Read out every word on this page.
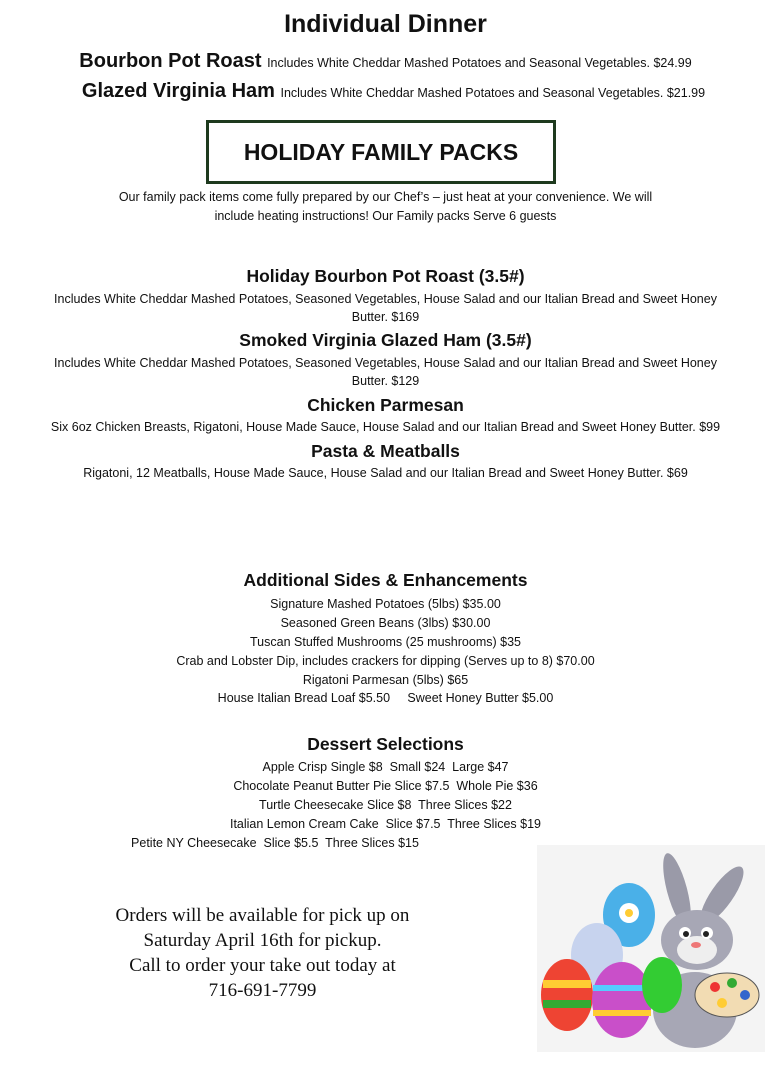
Individual Dinner
Bourbon Pot Roast Includes White Cheddar Mashed Potatoes and Seasonal Vegetables. $24.99
Glazed Virginia Ham Includes White Cheddar Mashed Potatoes and Seasonal Vegetables. $21.99
HOLIDAY FAMILY PACKS
Our family pack items come fully prepared by our Chef’s – just heat at your convenience. We will
include heating instructions! Our Family packs Serve 6 guests
Holiday Bourbon Pot Roast (3.5#)
Includes White Cheddar Mashed Potatoes, Seasoned Vegetables, House Salad and our Italian Bread and Sweet Honey
Butter. $169
Smoked Virginia Glazed Ham (3.5#)
Includes White Cheddar Mashed Potatoes, Seasoned Vegetables, House Salad and our Italian Bread and Sweet Honey
Butter. $129
Chicken Parmesan
Six 6oz Chicken Breasts, Rigatoni, House Made Sauce, House Salad and our Italian Bread and Sweet Honey Butter. $99
Pasta & Meatballs
Rigatoni, 12 Meatballs, House Made Sauce, House Salad and our Italian Bread and Sweet Honey Butter. $69
Additional Sides & Enhancements
Signature Mashed Potatoes (5lbs) $35.00
Seasoned Green Beans (3lbs) $30.00
Tuscan Stuffed Mushrooms (25 mushrooms) $35
Crab and Lobster Dip, includes crackers for dipping (Serves up to 8) $70.00
Rigatoni Parmesan (5lbs) $65
House Italian Bread Loaf $5.50     Sweet Honey Butter $5.00
Dessert Selections
Apple Crisp Single $8  Small $24  Large $47
Chocolate Peanut Butter Pie Slice $7.5  Whole Pie $36
Turtle Cheesecake Slice $8  Three Slices $22
Italian Lemon Cream Cake  Slice $7.5  Three Slices $19
Petite NY Cheesecake  Slice $5.5  Three Slices $15
Orders will be available for pick up on
Saturday April 16th for pickup.
Call to order your take out today at
716-691-7799
